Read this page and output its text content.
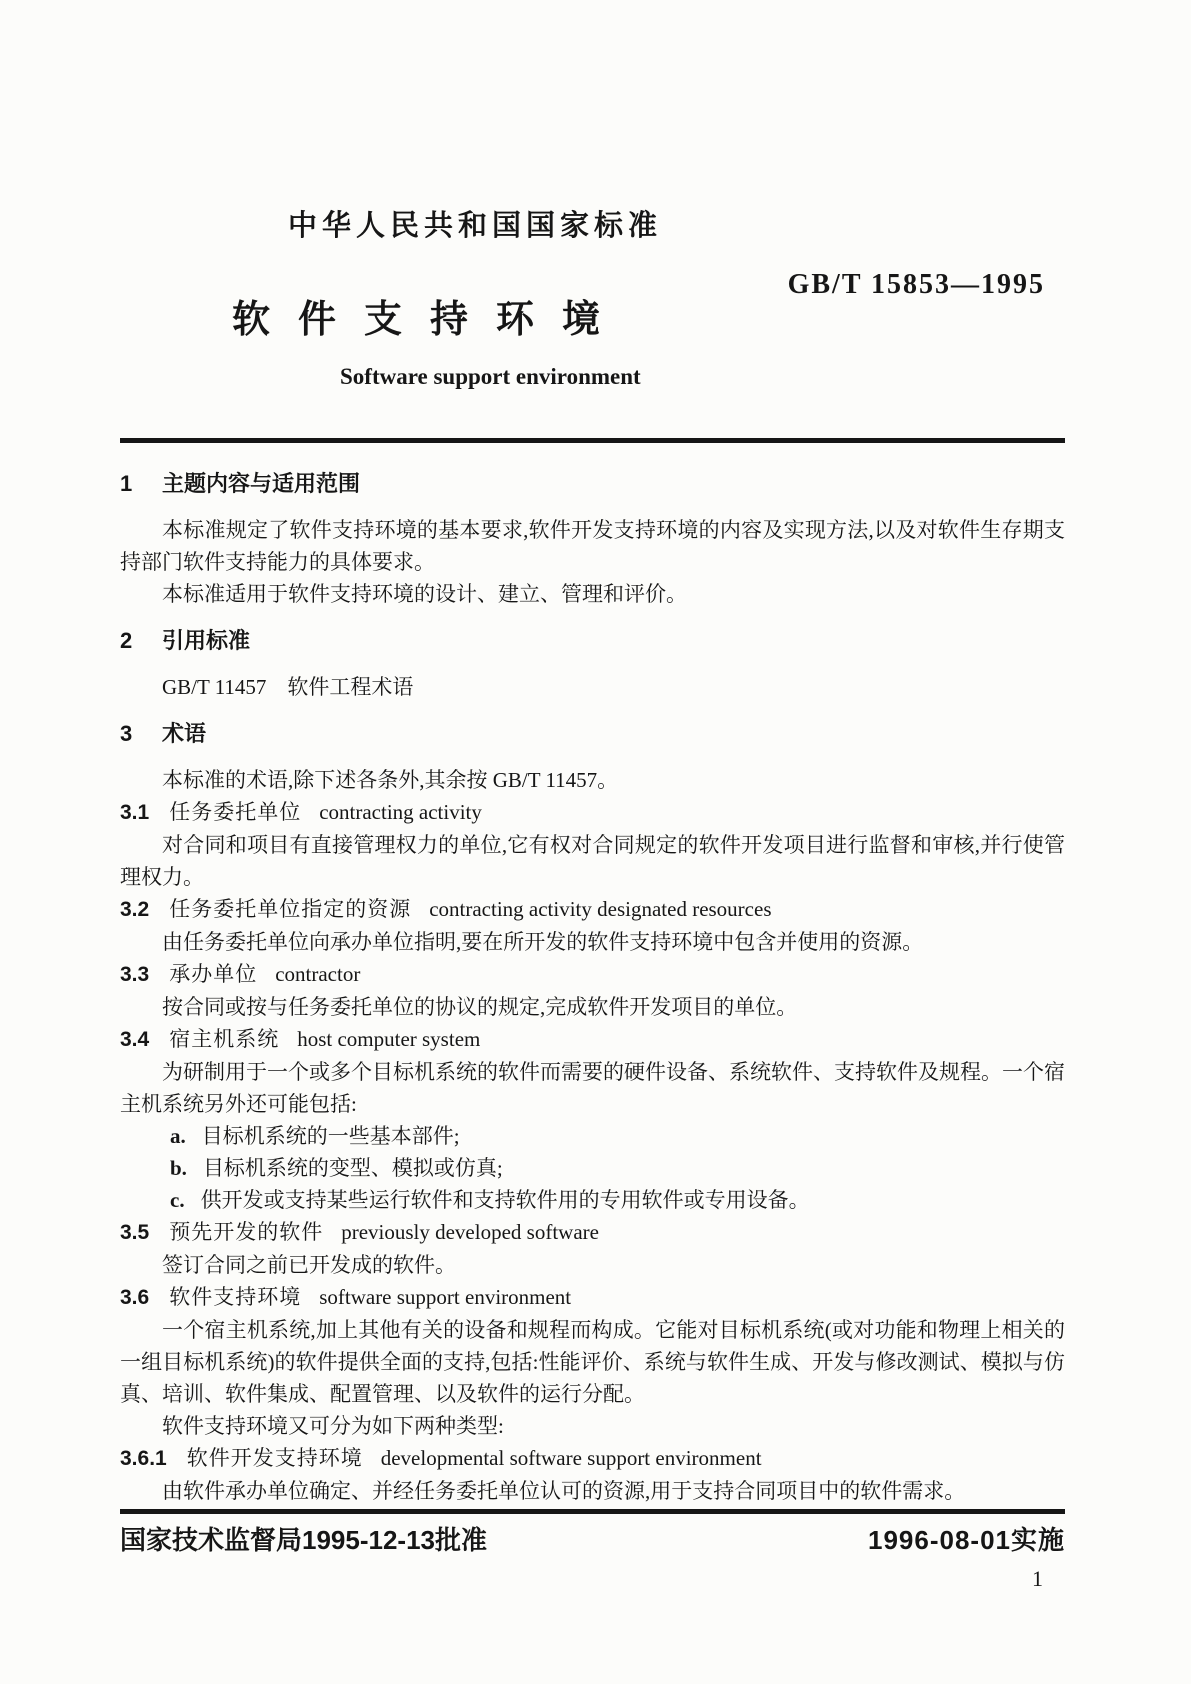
中华人民共和国国家标准
GB/T 15853—1995
软件支持环境
Software support environment
1 主题内容与适用范围
本标准规定了软件支持环境的基本要求,软件开发支持环境的内容及实现方法,以及对软件生存期支持部门软件支持能力的具体要求。
本标准适用于软件支持环境的设计、建立、管理和评价。
2 引用标准
GB/T 11457　软件工程术语
3 术语
本标准的术语,除下述各条外,其余按 GB/T 11457。
3.1 任务委托单位 contracting activity
对合同和项目有直接管理权力的单位,它有权对合同规定的软件开发项目进行监督和审核,并行使管理权力。
3.2 任务委托单位指定的资源 contracting activity designated resources
由任务委托单位向承办单位指明,要在所开发的软件支持环境中包含并使用的资源。
3.3 承办单位 contractor
按合同或按与任务委托单位的协议的规定,完成软件开发项目的单位。
3.4 宿主机系统 host computer system
为研制用于一个或多个目标机系统的软件而需要的硬件设备、系统软件、支持软件及规程。一个宿主机系统另外还可能包括:
a. 目标机系统的一些基本部件;
b. 目标机系统的变型、模拟或仿真;
c. 供开发或支持某些运行软件和支持软件用的专用软件或专用设备。
3.5 预先开发的软件 previously developed software
签订合同之前已开发成的软件。
3.6 软件支持环境 software support environment
一个宿主机系统,加上其他有关的设备和规程而构成。它能对目标机系统(或对功能和物理上相关的一组目标机系统)的软件提供全面的支持,包括:性能评价、系统与软件生成、开发与修改测试、模拟与仿真、培训、软件集成、配置管理、以及软件的运行分配。
软件支持环境又可分为如下两种类型:
3.6.1 软件开发支持环境 developmental software support environment
由软件承办单位确定、并经任务委托单位认可的资源,用于支持合同项目中的软件需求。
国家技术监督局1995-12-13批准	1996-08-01实施
1
